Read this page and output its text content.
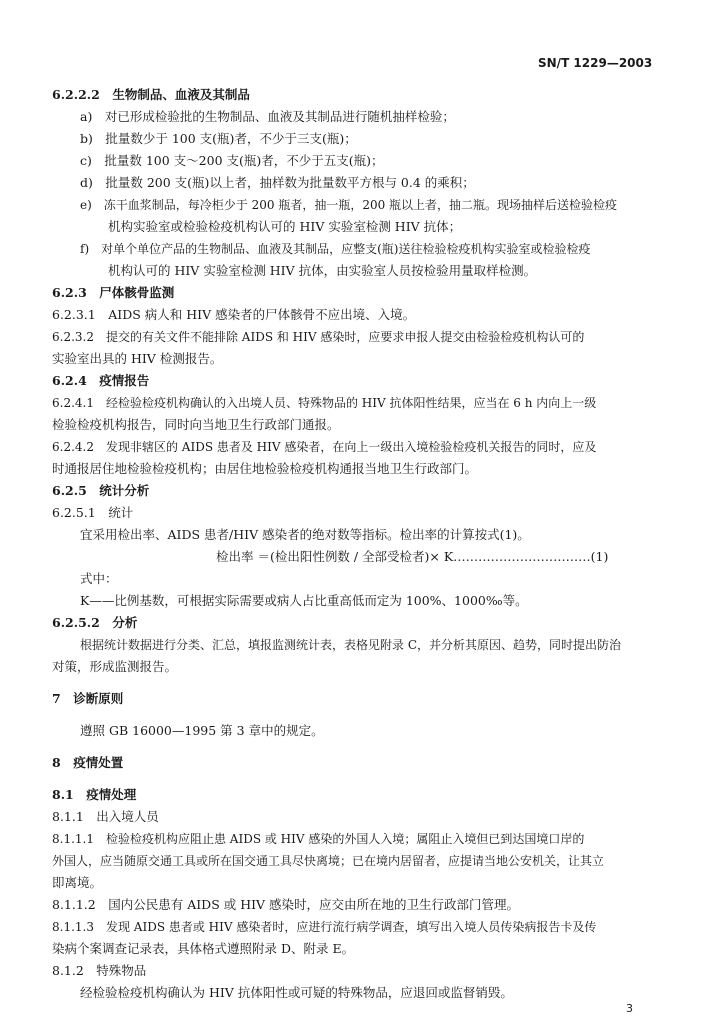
SN/T 1229—2003
6.2.2.2　生物制品、血液及其制品
a)　对已形成检验批的生物制品、血液及其制品进行随机抽样检验；
b)　批量数少于 100 支(瓶)者，不少于三支(瓶)；
c)　批量数 100 支～200 支(瓶)者，不少于五支(瓶)；
d)　批量数 200 支(瓶)以上者，抽样数为批量数平方根与 0.4 的乘积；
e)　冻干血浆制品，每冷柜少于 200 瓶者，抽一瓶，200 瓶以上者，抽二瓶。现场抽样后送检验检疫
机构实验室或检验检疫机构认可的 HIV 实验室检测 HIV 抗体；
f)　对单个单位产品的生物制品、血液及其制品，应整支(瓶)送往检验检疫机构实验室或检验检疫
机构认可的 HIV 实验室检测 HIV 抗体，由实验室人员按检验用量取样检测。
6.2.3　尸体骸骨监测
6.2.3.1　AIDS 病人和 HIV 感染者的尸体骸骨不应出境、入境。
6.2.3.2　提交的有关文件不能排除 AIDS 和 HIV 感染时，应要求申报人提交由检验检疫机构认可的
实验室出具的 HIV 检测报告。
6.2.4　疫情报告
6.2.4.1　经检验检疫机构确认的入出境人员、特殊物品的 HIV 抗体阳性结果，应当在 6 h 内向上一级
检验检疫机构报告，同时向当地卫生行政部门通报。
6.2.4.2　发现非辖区的 AIDS 患者及 HIV 感染者，在向上一级出入境检验检疫机关报告的同时，应及
时通报居住地检验检疫机构；由居住地检验检疫机构通报当地卫生行政部门。
6.2.5　统计分析
6.2.5.1　统计
宜采用检出率、AIDS 患者/HIV 感染者的绝对数等指标。检出率的计算按式(1)。
检出率 ＝(检出阳性例数 / 全部受检者)× K……………………………(1)
式中：
K——比例基数，可根据实际需要或病人占比重高低而定为 100%、1000‰等。
6.2.5.2　分析
根据统计数据进行分类、汇总，填报监测统计表，表格见附录 C，并分析其原因、趋势，同时提出防治
对策，形成监测报告。
7　诊断原则
遵照 GB 16000—1995 第 3 章中的规定。
8　疫情处置
8.1　疫情处理
8.1.1　出入境人员
8.1.1.1　检验检疫机构应阻止患 AIDS 或 HIV 感染的外国人入境；属阻止入境但已到达国境口岸的
外国人，应当随原交通工具或所在国交通工具尽快离境；已在境内居留者，应提请当地公安机关，让其立
即离境。
8.1.1.2　国内公民患有 AIDS 或 HIV 感染时，应交由所在地的卫生行政部门管理。
8.1.1.3　发现 AIDS 患者或 HIV 感染者时，应进行流行病学调查，填写出入境人员传染病报告卡及传
染病个案调查记录表，具体格式遵照附录 D、附录 E。
8.1.2　特殊物品
经检验检疫机构确认为 HIV 抗体阳性或可疑的特殊物品，应退回或监督销毁。
3
